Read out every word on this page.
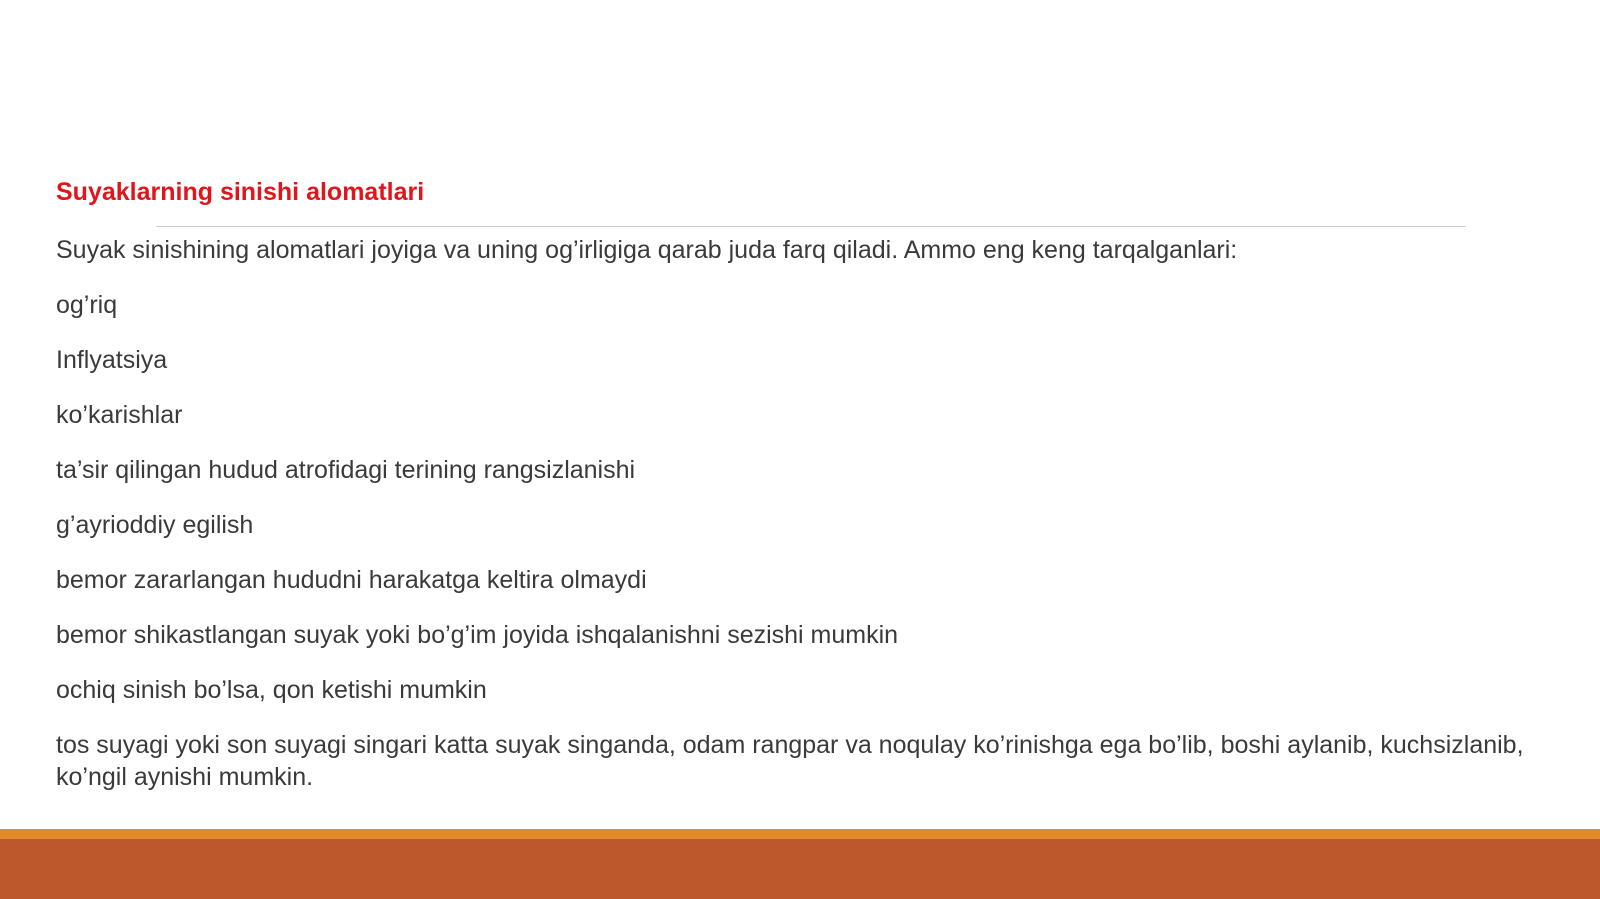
Suyaklarning sinishi alomatlari

Suyak sinishining alomatlari joyiga va uning og’irligiga qarab juda farq qiladi. Ammo eng keng tarqalganlari:

og’riq

Inflyatsiya

ko’karishlar

ta’sir qilingan hudud atrofidagi terining rangsizlanishi

g’ayrioddiy egilish

bemor zararlangan hududni harakatga keltira olmaydi

bemor shikastlangan suyak yoki bo’g’im joyida ishqalanishni sezishi mumkin

ochiq sinish bo’lsa, qon ketishi mumkin

tos suyagi yoki son suyagi singari katta suyak singanda, odam rangpar va noqulay ko’rinishga ega bo’lib, boshi aylanib, kuchsizlanib, ko’ngil aynishi mumkin.
